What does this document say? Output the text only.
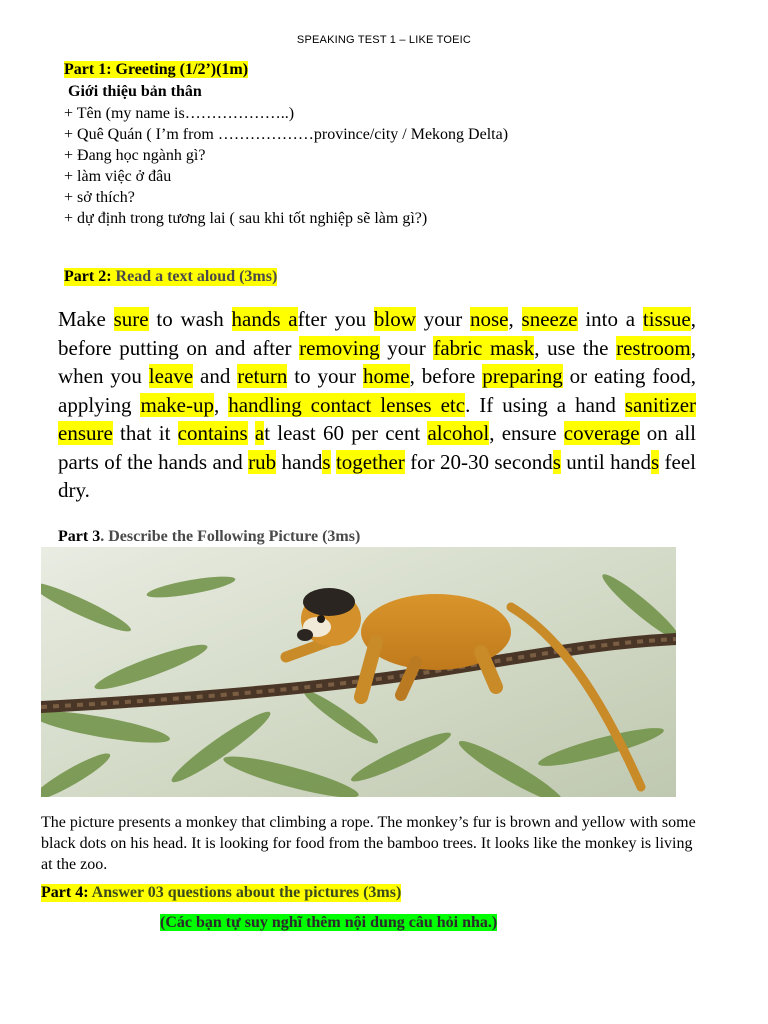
SPEAKING TEST 1 – LIKE TOEIC
Part 1: Greeting (1/2’)(1m)
Giới thiệu bản thân
+ Tên (my name is………………..)
+ Quê Quán ( I’m from ………………province/city / Mekong Delta)
+ Đang học ngành gì?
+ làm việc ở đâu
+ sở thích?
+ dự định trong tương lai ( sau khi tốt nghiệp sẽ làm gì?)
Part 2: Read a text aloud (3ms)

Make sure to wash hands after you blow your nose, sneeze into a tissue, before putting on and after removing your fabric mask, use the restroom, when you leave and return to your home, before preparing or eating food, applying make-up, handling contact lenses etc. If using a hand sanitizer ensure that it contains at least 60 per cent alcohol, ensure coverage on all parts of the hands and rub hands together for 20-30 seconds until hands feel dry.

Part 3. Describe the Following Picture (3ms)

The picture presents a monkey that climbing a rope. The monkey’s fur is brown and yellow with some black dots on his head. It is looking for food from the bamboo trees. It looks like the monkey is living at the zoo.

Part 4: Answer 03 questions about the pictures (3ms)
(Các bạn tự suy nghĩ thêm nội dung câu hỏi nha.)
